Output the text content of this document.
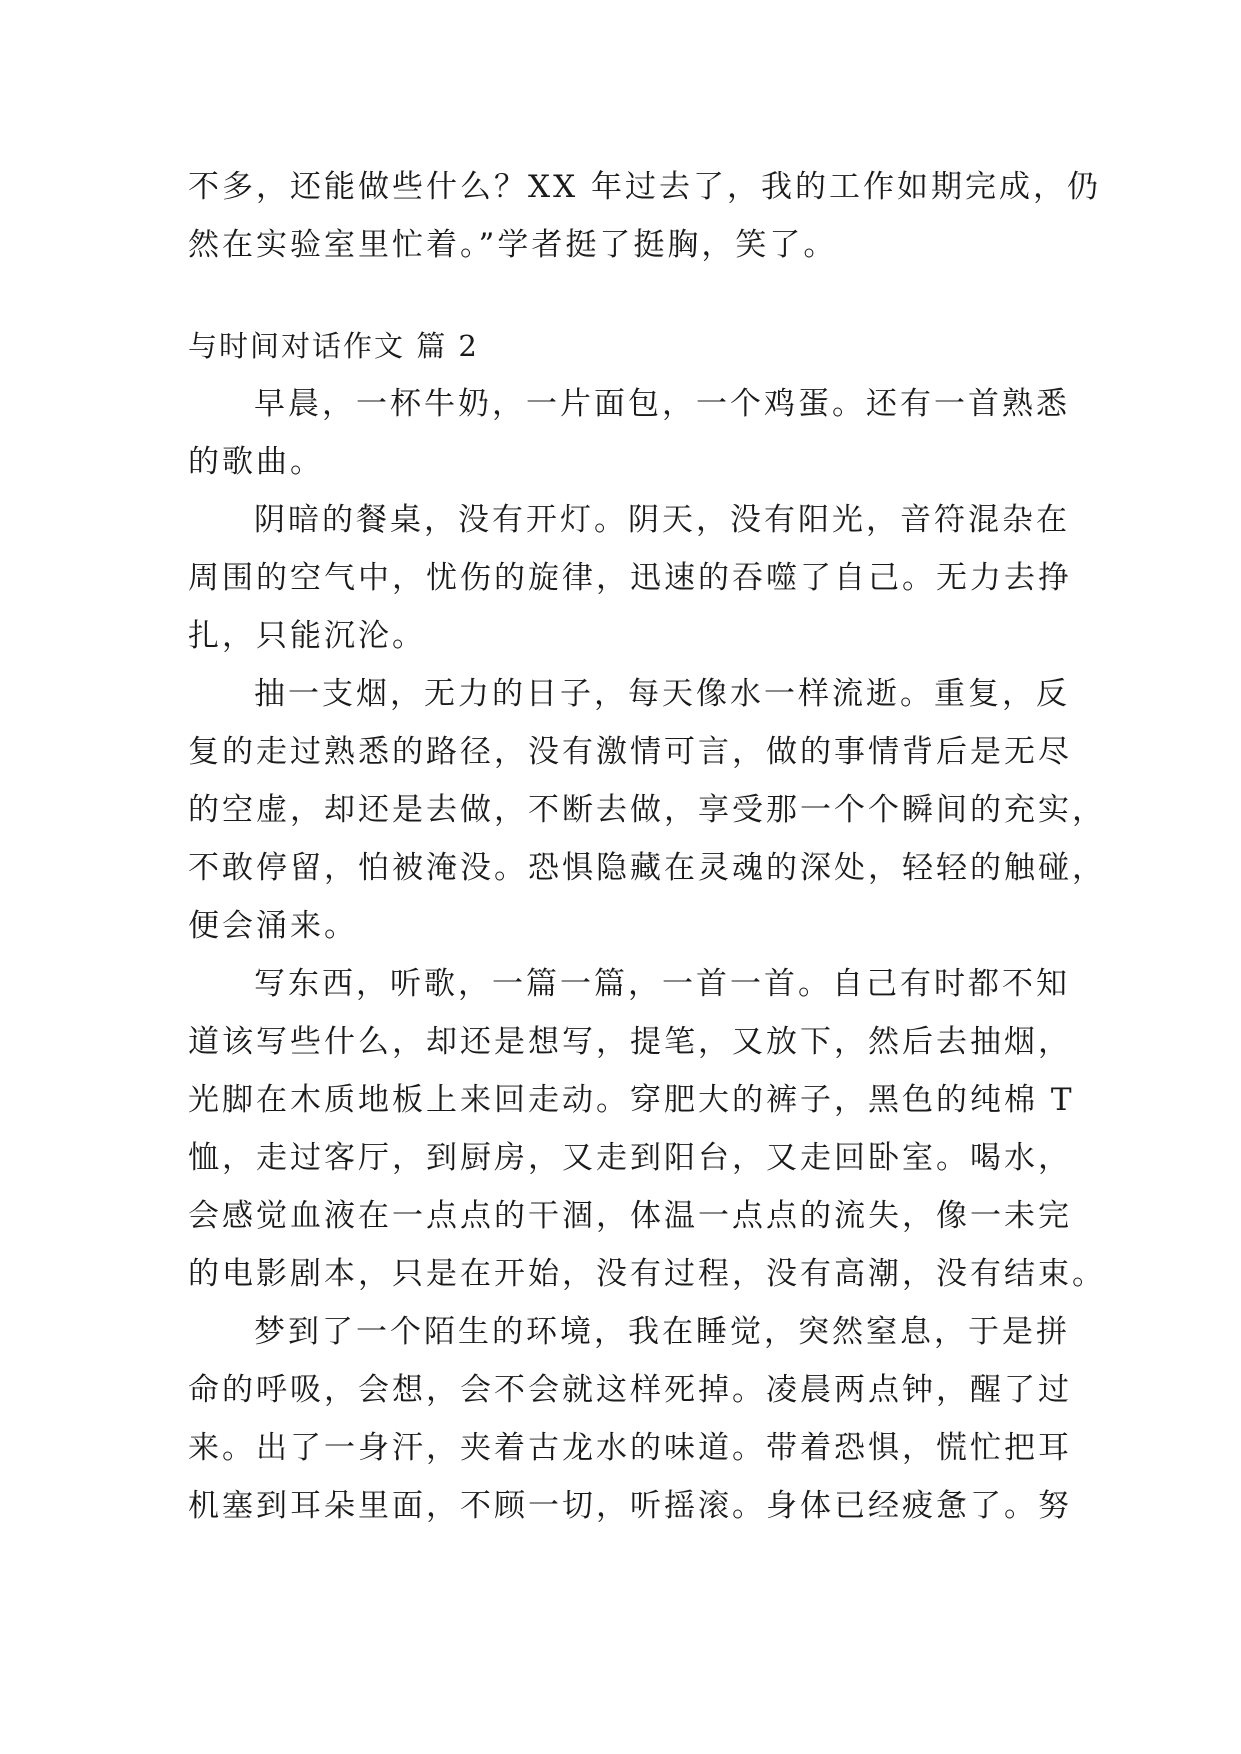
不多，还能做些什么？XX 年过去了，我的工作如期完成，仍
然在实验室里忙着。”学者挺了挺胸，笑了。
与时间对话作文 篇 2
早晨，一杯牛奶，一片面包，一个鸡蛋。还有一首熟悉
的歌曲。
阴暗的餐桌，没有开灯。阴天，没有阳光，音符混杂在
周围的空气中，忧伤的旋律，迅速的吞噬了自己。无力去挣
扎，只能沉沦。
抽一支烟，无力的日子，每天像水一样流逝。重复，反
复的走过熟悉的路径，没有激情可言，做的事情背后是无尽
的空虚，却还是去做，不断去做，享受那一个个瞬间的充实，
不敢停留，怕被淹没。恐惧隐藏在灵魂的深处，轻轻的触碰，
便会涌来。
写东西，听歌，一篇一篇，一首一首。自己有时都不知
道该写些什么，却还是想写，提笔，又放下，然后去抽烟，
光脚在木质地板上来回走动。穿肥大的裤子，黑色的纯棉 T
恤，走过客厅，到厨房，又走到阳台，又走回卧室。喝水，
会感觉血液在一点点的干涸，体温一点点的流失，像一未完
的电影剧本，只是在开始，没有过程，没有高潮，没有结束。
梦到了一个陌生的环境，我在睡觉，突然窒息，于是拼
命的呼吸，会想，会不会就这样死掉。凌晨两点钟，醒了过
来。出了一身汗，夹着古龙水的味道。带着恐惧，慌忙把耳
机塞到耳朵里面，不顾一切，听摇滚。身体已经疲惫了。努
